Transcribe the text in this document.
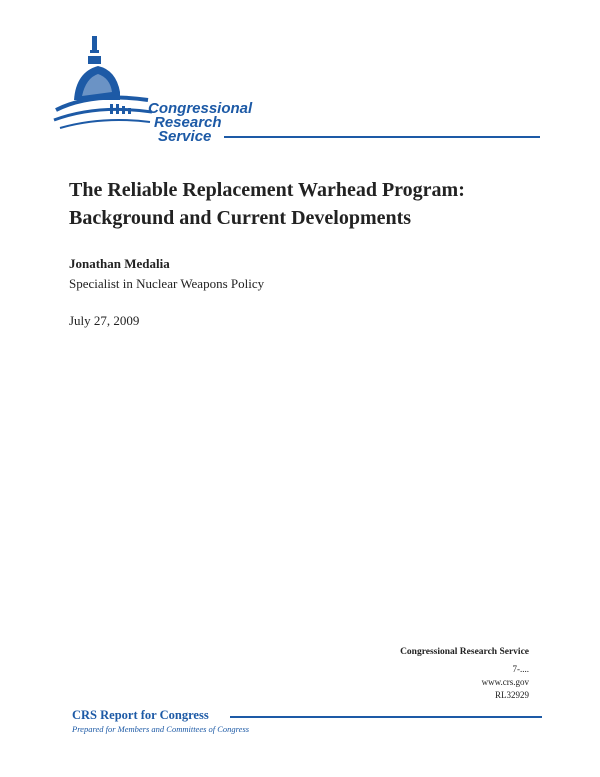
Congressional
Research
Service
The Reliable Replacement Warhead Program:
Background and Current Developments
Jonathan Medalia
Specialist in Nuclear Weapons Policy
July 27, 2009
Congressional Research Service
7-....
www.crs.gov
RL32929
CRS Report for Congress
Prepared for Members and Committees of Congress
